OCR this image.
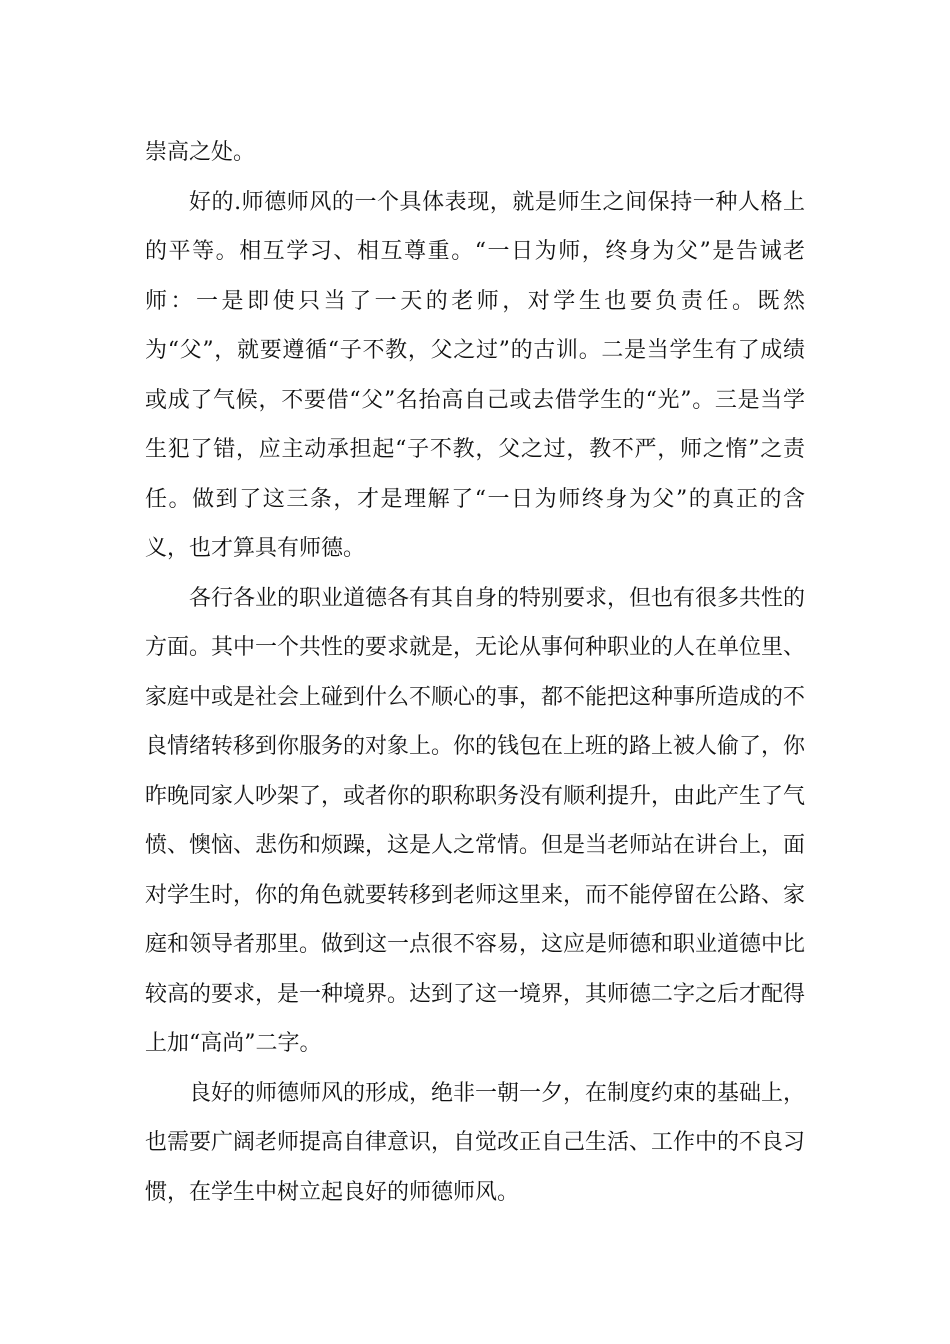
崇高之处。

好的.师德师风的一个具体表现，就是师生之间保持一种人格上的平等。相互学习、相互尊重。“一日为师，终身为父”是告诫老师：一是即使只当了一天的老师，对学生也要负责任。既然为“父”，就要遵循“子不教，父之过”的古训。二是当学生有了成绩或成了气候，不要借“父”名抬高自己或去借学生的“光”。三是当学生犯了错，应主动承担起“子不教，父之过，教不严，师之惰”之责任。做到了这三条，才是理解了“一日为师终身为父”的真正的含义，也才算具有师德。

各行各业的职业道德各有其自身的特别要求，但也有很多共性的方面。其中一个共性的要求就是，无论从事何种职业的人在单位里、家庭中或是社会上碰到什么不顺心的事，都不能把这种事所造成的不良情绪转移到你服务的对象上。你的钱包在上班的路上被人偷了，你昨晚同家人吵架了，或者你的职称职务没有顺利提升，由此产生了气愤、懊恼、悲伤和烦躁，这是人之常情。但是当老师站在讲台上，面对学生时，你的角色就要转移到老师这里来，而不能停留在公路、家庭和领导者那里。做到这一点很不容易，这应是师德和职业道德中比较高的要求，是一种境界。达到了这一境界，其师德二字之后才配得上加“高尚”二字。

良好的师德师风的形成，绝非一朝一夕，在制度约束的基础上，也需要广阔老师提高自律意识，自觉改正自己生活、工作中的不良习惯，在学生中树立起良好的师德师风。
